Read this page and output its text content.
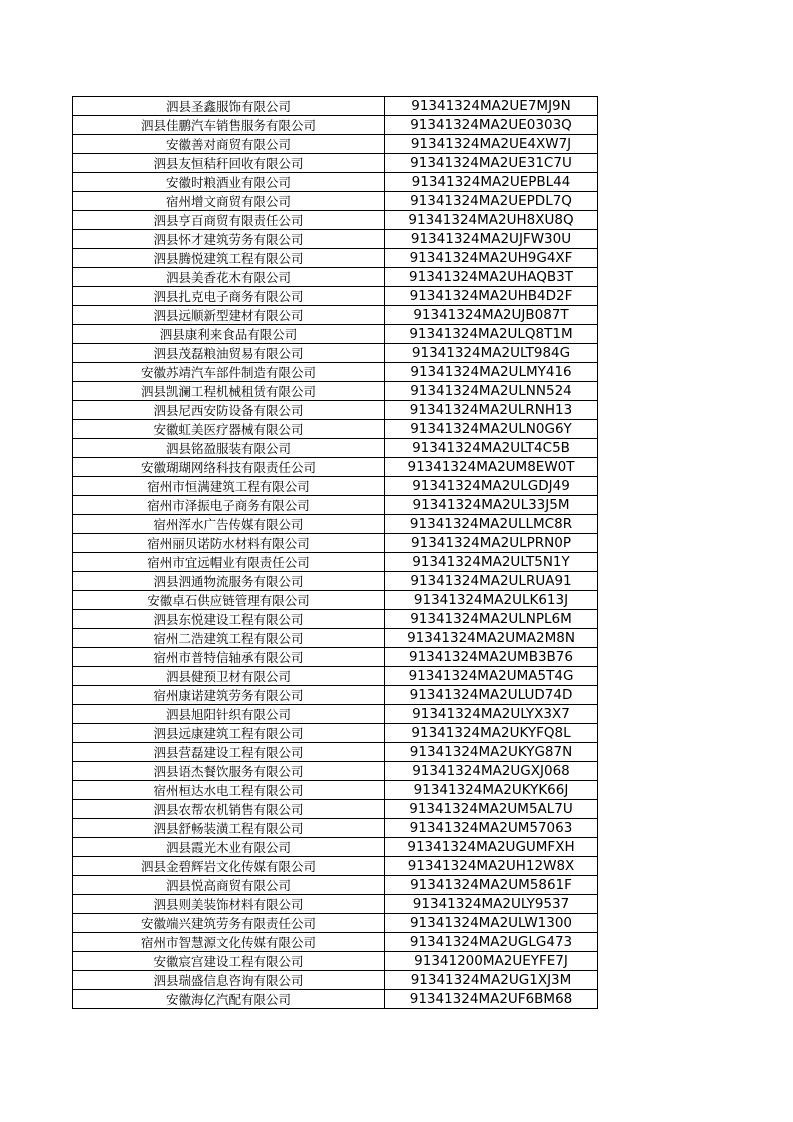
泗县圣鑫服饰有限公司	91341324MA2UE7MJ9N
泗县佳鹏汽车销售服务有限公司	91341324MA2UE0303Q
安徽善对商贸有限公司	91341324MA2UE4XW7J
泗县友恒秸秆回收有限公司	91341324MA2UE31C7U
安徽时粮酒业有限公司	91341324MA2UEPBL44
宿州增文商贸有限公司	91341324MA2UEPDL7Q
泗县亨百商贸有限责任公司	91341324MA2UH8XU8Q
泗县怀才建筑劳务有限公司	91341324MA2UJFW30U
泗县腾悦建筑工程有限公司	91341324MA2UH9G4XF
泗县美香花木有限公司	91341324MA2UHAQB3T
泗县扎克电子商务有限公司	91341324MA2UHB4D2F
泗县远顺新型建材有限公司	91341324MA2UJB087T
泗县康利来食品有限公司	91341324MA2ULQ8T1M
泗县茂磊粮油贸易有限公司	91341324MA2ULT984G
安徽苏靖汽车部件制造有限公司	91341324MA2ULMY416
泗县凯澜工程机械租赁有限公司	91341324MA2ULNN524
泗县尼西安防设备有限公司	91341324MA2ULRNH13
安徽虹美医疗器械有限公司	91341324MA2ULN0G6Y
泗县铭盈服装有限公司	91341324MA2ULT4C5B
安徽瑚瑚网络科技有限责任公司	91341324MA2UM8EW0T
宿州市恒满建筑工程有限公司	91341324MA2ULGDJ49
宿州市泽振电子商务有限公司	91341324MA2UL33J5M
宿州浑水广告传媒有限公司	91341324MA2ULLMC8R
宿州丽贝诺防水材料有限公司	91341324MA2ULPRN0P
宿州市宜远帽业有限责任公司	91341324MA2ULT5N1Y
泗县泗通物流服务有限公司	91341324MA2ULRUA91
安徽卓石供应链管理有限公司	91341324MA2ULK613J
泗县东悦建设工程有限公司	91341324MA2ULNPL6M
宿州二浩建筑工程有限公司	91341324MA2UMA2M8N
宿州市普特信轴承有限公司	91341324MA2UMB3B76
泗县健预卫材有限公司	91341324MA2UMA5T4G
宿州康诺建筑劳务有限公司	91341324MA2ULUD74D
泗县旭阳针织有限公司	91341324MA2ULYX3X7
泗县远康建筑工程有限公司	91341324MA2UKYFQ8L
泗县营磊建设工程有限公司	91341324MA2UKYG87N
泗县语杰餐饮服务有限公司	91341324MA2UGXJ068
宿州桓达水电工程有限公司	91341324MA2UKYK66J
泗县农帮农机销售有限公司	91341324MA2UM5AL7U
泗县舒畅装潢工程有限公司	91341324MA2UM57063
泗县霞光木业有限公司	91341324MA2UGUMFXH
泗县金碧辉岩文化传媒有限公司	91341324MA2UH12W8X
泗县悦高商贸有限公司	91341324MA2UM5861F
泗县则美装饰材料有限公司	91341324MA2ULY9537
安徽端兴建筑劳务有限责任公司	91341324MA2ULW1300
宿州市智慧源文化传媒有限公司	91341324MA2UGLG473
安徽宸宫建设工程有限公司	91341200MA2UEYFE7J
泗县瑞盛信息咨询有限公司	91341324MA2UG1XJ3M
安徽海亿汽配有限公司	91341324MA2UF6BM68
